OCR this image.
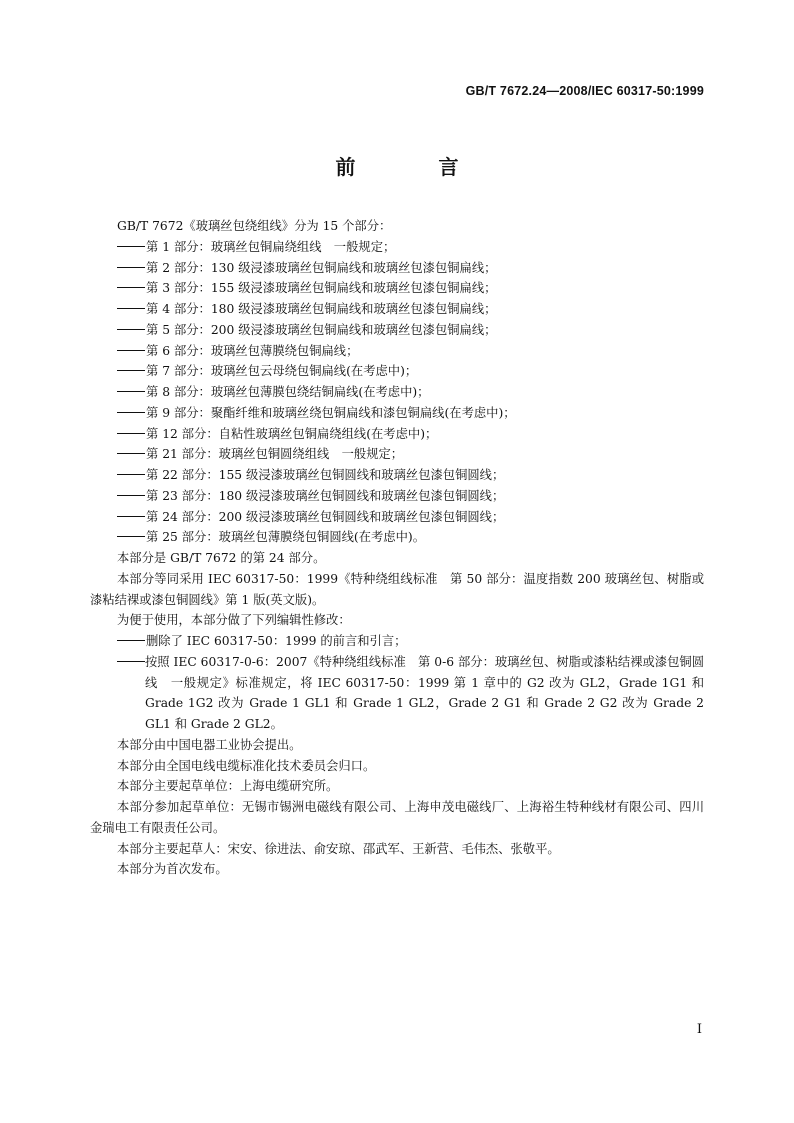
GB/T 7672.24—2008/IEC 60317-50:1999
前 言

GB/T 7672《玻璃丝包绕组线》分为 15 个部分：

第 1 部分：玻璃丝包铜扁绕组线　一般规定；

第 2 部分：130 级浸漆玻璃丝包铜扁线和玻璃丝包漆包铜扁线；

第 3 部分：155 级浸漆玻璃丝包铜扁线和玻璃丝包漆包铜扁线；

第 4 部分：180 级浸漆玻璃丝包铜扁线和玻璃丝包漆包铜扁线；

第 5 部分：200 级浸漆玻璃丝包铜扁线和玻璃丝包漆包铜扁线；

第 6 部分：玻璃丝包薄膜绕包铜扁线；

第 7 部分：玻璃丝包云母绕包铜扁线(在考虑中)；

第 8 部分：玻璃丝包薄膜包绕结铜扁线(在考虑中)；

第 9 部分：聚酯纤维和玻璃丝绕包铜扁线和漆包铜扁线(在考虑中)；

第 12 部分：自粘性玻璃丝包铜扁绕组线(在考虑中)；

第 21 部分：玻璃丝包铜圆绕组线　一般规定；

第 22 部分：155 级浸漆玻璃丝包铜圆线和玻璃丝包漆包铜圆线；

第 23 部分：180 级浸漆玻璃丝包铜圆线和玻璃丝包漆包铜圆线；

第 24 部分：200 级浸漆玻璃丝包铜圆线和玻璃丝包漆包铜圆线；

第 25 部分：玻璃丝包薄膜绕包铜圆线(在考虑中)。

本部分是 GB/T 7672 的第 24 部分。

本部分等同采用 IEC 60317-50：1999《特种绕组线标准　第 50 部分：温度指数 200 玻璃丝包、树脂或漆粘结裸或漆包铜圆线》第 1 版(英文版)。

为便于使用，本部分做了下列编辑性修改：

删除了 IEC 60317-50：1999 的前言和引言；

按照 IEC 60317-0-6：2007《特种绕组线标准　第 0-6 部分：玻璃丝包、树脂或漆粘结裸或漆包铜圆线　一般规定》标准规定，将 IEC 60317-50：1999 第 1 章中的 G2 改为 GL2，Grade 1G1 和 Grade 1G2 改为 Grade 1 GL1 和 Grade 1 GL2，Grade 2 G1 和 Grade 2 G2 改为 Grade 2 GL1 和 Grade 2 GL2。

本部分由中国电器工业协会提出。

本部分由全国电线电缆标准化技术委员会归口。

本部分主要起草单位：上海电缆研究所。

本部分参加起草单位：无锡市锡洲电磁线有限公司、上海申茂电磁线厂、上海裕生特种线材有限公司、四川金瑞电工有限责任公司。

本部分主要起草人：宋安、徐进法、俞安琼、邵武军、王新营、毛伟杰、张敬平。

本部分为首次发布。

I
